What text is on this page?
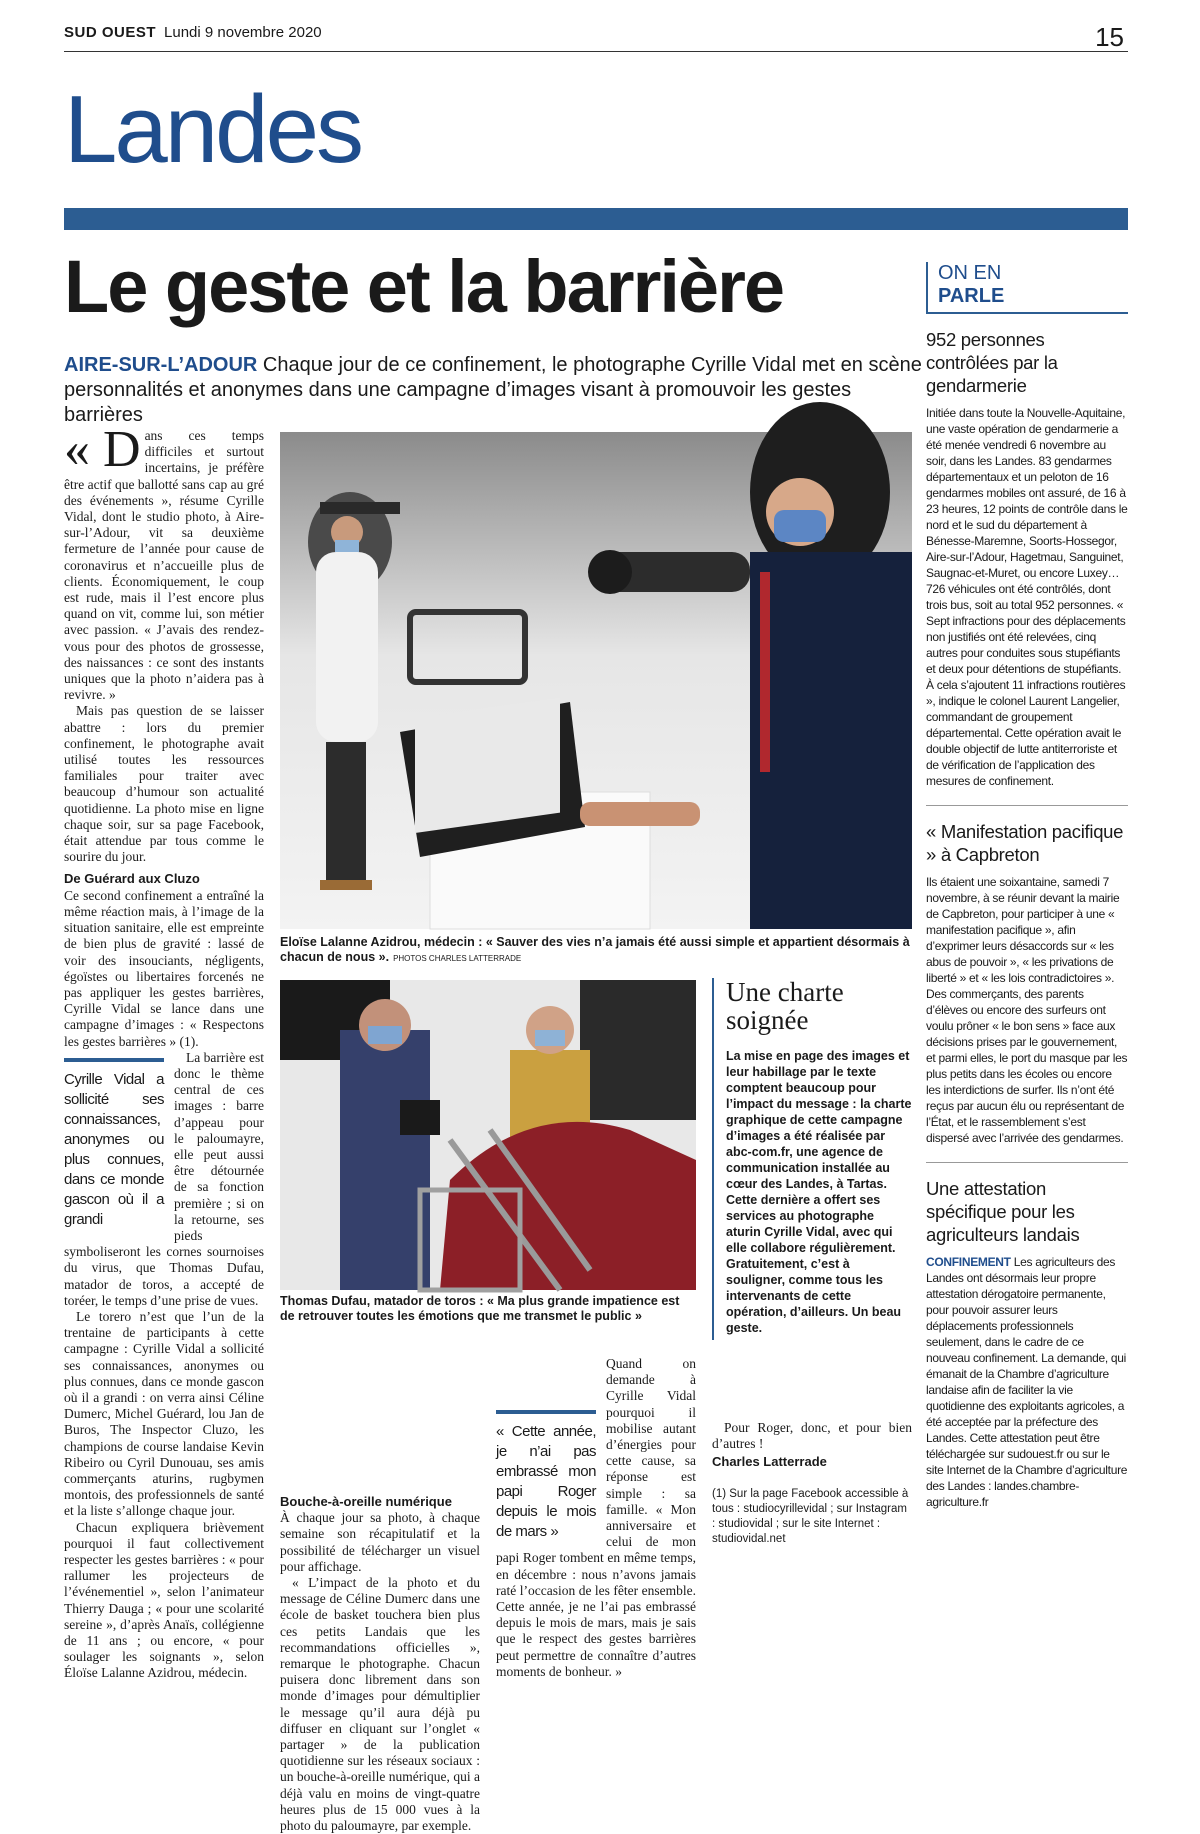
SUD OUEST Lundi 9 novembre 2020	15
Landes
Le geste et la barrière
AIRE-SUR-L’ADOUR Chaque jour de ce confinement, le photographe Cyrille Vidal met en scène personnalités et anonymes dans une campagne d’images visant à promouvoir les gestes barrières
« D ans ces temps difficiles et surtout incertains, je préfère être actif que ballotté sans cap au gré des événements », résume Cyrille Vidal, dont le studio photo, à Aire-sur-l’Adour, vit sa deuxième fermeture de l’année pour cause de coronavirus et n’accueille plus de clients. Économiquement, le coup est rude, mais il l’est encore plus quand on vit, comme lui, son métier avec passion. « J’avais des rendez-vous pour des photos de grossesse, des naissances : ce sont des instants uniques que la photo n’aidera pas à revivre. »

Mais pas question de se laisser abattre : lors du premier confinement, le photographe avait utilisé toutes les ressources familiales pour traiter avec beaucoup d’humour son actualité quotidienne. La photo mise en ligne chaque soir, sur sa page Facebook, était attendue par tous comme le sourire du jour.

De Guérard aux Cluzo

Ce second confinement a entraîné la même réaction mais, à l’image de la situation sanitaire, elle est empreinte de bien plus de gravité : lassé de voir des insouciants, négligents, égoïstes ou libertaires forcenés ne pas appliquer les gestes barrières, Cyrille Vidal se lance dans une campagne d’images : « Respectons les gestes barrières » (1).

Cyrille Vidal a sollicité ses connaissances, anonymes ou plus connues, dans ce monde gascon où il a grandi

La barrière est donc le thème central de ces images : barre d’appeau pour le paloumayre, elle peut aussi être détournée de sa fonction première ; si on la retourne, ses pieds symboliseront les cornes sournoises du virus, que Thomas Dufau, matador de toros, a accepté de toréer, le temps d’une prise de vues.

Le torero n’est que l’un de la trentaine de participants à cette campagne : Cyrille Vidal a sollicité ses connaissances, anonymes ou plus connues, dans ce monde gascon où il a grandi : on verra ainsi Céline Dumerc, Michel Guérard, lou Jan de Buros, The Inspector Cluzo, les champions de course landaise Kevin Ribeiro ou Cyril Dunouau, ses amis commerçants aturins, rugbymen montois, des professionnels de santé et la liste s’allonge chaque jour.

Chacun expliquera brièvement pourquoi il faut collectivement respecter les gestes barrières : « pour rallumer les projecteurs de l’événementiel », selon l’animateur Thierry Dauga ; « pour une scolarité sereine », d’après Anaïs, collégienne de 11 ans ; ou encore, « pour soulager les soignants », selon Éloïse Lalanne Azidrou, médecin.

Eloïse Lalanne Azidrou, médecin : « Sauver des vies n’a jamais été aussi simple et appartient désormais à chacun de nous ». PHOTOS CHARLES LATTERRADE
Thomas Dufau, matador de toros : « Ma plus grande impatience est de retrouver toutes les émotions que me transmet le public »
Une charte soignée
La mise en page des images et leur habillage par le texte comptent beaucoup pour l’impact du message : la charte graphique de cette campagne d’images a été réalisée par abc-com.fr, une agence de communication installée au cœur des Landes, à Tartas. Cette dernière a offert ses services au photographe aturin Cyrille Vidal, avec qui elle collabore régulièrement. Gratuitement, c’est à souligner, comme tous les intervenants de cette opération, d’ailleurs. Un beau geste.
Bouche-à-oreille numérique

À chaque jour sa photo, à chaque semaine son récapitulatif et la possibilité de télécharger un visuel pour affichage.

« L’impact de la photo et du message de Céline Dumerc dans une école de basket touchera bien plus ces petits Landais que les recommandations officielles », remarque le photographe. Chacun puisera donc librement dans son monde d’images pour démultiplier le message qu’il aura déjà pu diffuser en cliquant sur l’onglet « partager » de la publication quotidienne sur les réseaux sociaux : un bouche-à-oreille numérique, qui a déjà valu en moins de vingt-quatre heures plus de 15 000 vues à la photo du paloumayre, par exemple.

« Cette année, je n’ai pas embrassé mon papi Roger depuis le mois de mars »

Quand on demande à Cyrille Vidal pourquoi il mobilise autant d’énergies pour cette cause, sa réponse est simple : sa famille. « Mon anniversaire et celui de mon papi Roger tombent en même temps, en décembre : nous n’avons jamais raté l’occasion de les fêter ensemble. Cette année, je ne l’ai pas embrassé depuis le mois de mars, mais je sais que le respect des gestes barrières peut permettre de connaître d’autres moments de bonheur. »

Pour Roger, donc, et pour bien d’autres !

Charles Latterrade
(1) Sur la page Facebook accessible à tous : studiocyrillevidal ; sur Instagram : studiovidal ; sur le site Internet : studiovidal.net
ON EN
PARLE
952 personnes contrôlées par la gendarmerie
Initiée dans toute la Nouvelle-Aquitaine, une vaste opération de gendarmerie a été menée vendredi 6 novembre au soir, dans les Landes. 83 gendarmes départementaux et un peloton de 16 gendarmes mobiles ont assuré, de 16 à 23 heures, 12 points de contrôle dans le nord et le sud du département à Bénesse-Maremne, Soorts-Hossegor, Aire-sur-l’Adour, Hagetmau, Sanguinet, Saugnac-et-Muret, ou encore Luxey… 726 véhicules ont été contrôlés, dont trois bus, soit au total 952 personnes. « Sept infractions pour des déplacements non justifiés ont été relevées, cinq autres pour conduites sous stupéfiants et deux pour détentions de stupéfiants. À cela s’ajoutent 11 infractions routières », indique le colonel Laurent Langelier, commandant de groupement départemental. Cette opération avait le double objectif de lutte antiterroriste et de vérification de l’application des mesures de confinement.
« Manifestation pacifique » à Capbreton
Ils étaient une soixantaine, samedi 7 novembre, à se réunir devant la mairie de Capbreton, pour participer à une « manifestation pacifique », afin d’exprimer leurs désaccords sur « les abus de pouvoir », « les privations de liberté » et « les lois contradictoires ». Des commerçants, des parents d’élèves ou encore des surfeurs ont voulu prôner « le bon sens » face aux décisions prises par le gouvernement, et parmi elles, le port du masque par les plus petits dans les écoles ou encore les interdictions de surfer. Ils n’ont été reçus par aucun élu ou représentant de l’État, et le rassemblement s’est dispersé avec l’arrivée des gendarmes.
Une attestation spécifique pour les agriculteurs landais
CONFINEMENT Les agriculteurs des Landes ont désormais leur propre attestation dérogatoire permanente, pour pouvoir assurer leurs déplacements professionnels seulement, dans le cadre de ce nouveau confinement. La demande, qui émanait de la Chambre d’agriculture landaise afin de faciliter la vie quotidienne des exploitants agricoles, a été acceptée par la préfecture des Landes. Cette attestation peut être téléchargée sur sudouest.fr ou sur le site Internet de la Chambre d’agriculture des Landes : landes.chambre-agriculture.fr
